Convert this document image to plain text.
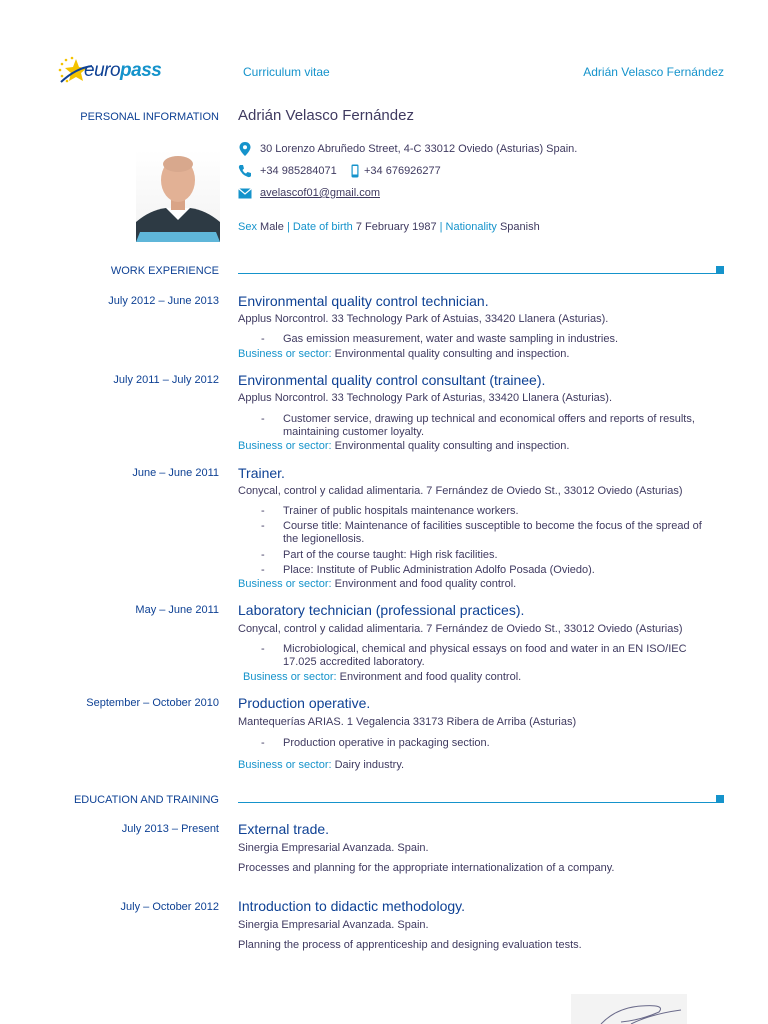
europass	Curriculum vitae	Adrián Velasco Fernández
PERSONAL INFORMATION Adrián Velasco Fernández
30 Lorenzo Abruñedo Street, 4-C 33012 Oviedo (Asturias) Spain.
+34 985284071 +34 676926277
avelascof01@gmail.com
Sex Male | Date of birth 7 February 1987 | Nationality Spanish
WORK EXPERIENCE
July 2012 – June 2013 Environmental quality control technician.
Applus Norcontrol. 33 Technology Park of Astuias, 33420 Llanera (Asturias).
- Gas emission measurement, water and waste sampling in industries.
Business or sector: Environmental quality consulting and inspection.
July 2011 – July 2012 Environmental quality control consultant (trainee).
Applus Norcontrol. 33 Technology Park of Asturias, 33420 Llanera (Asturias).
- Customer service, drawing up technical and economical offers and reports of results, maintaining customer loyalty.
Business or sector: Environmental quality consulting and inspection.
June – June 2011 Trainer.
Conycal, control y calidad alimentaria. 7 Fernández de Oviedo St., 33012 Oviedo (Asturias)
- Trainer of public hospitals maintenance workers.
- Course title: Maintenance of facilities susceptible to become the focus of the spread of the legionellosis.
- Part of the course taught: High risk facilities.
- Place: Institute of Public Administration Adolfo Posada (Oviedo).
Business or sector: Environment and food quality control.
May – June 2011 Laboratory technician (professional practices).
Conycal, control y calidad alimentaria. 7 Fernández de Oviedo St., 33012 Oviedo (Asturias)
- Microbiological, chemical and physical essays on food and water in an EN ISO/IEC 17.025 accredited laboratory.
Business or sector: Environment and food quality control.
September – October 2010 Production operative.
Mantequerías ARIAS. 1 Vegalencia 33173 Ribera de Arriba (Asturias)
- Production operative in packaging section.
Business or sector: Dairy industry.
EDUCATION AND TRAINING
July 2013 – Present External trade.
Sinergia Empresarial Avanzada. Spain.
Processes and planning for the appropriate internationalization of a company.
July – October 2012 Introduction to didactic methodology.
Sinergia Empresarial Avanzada. Spain.
Planning the process of apprenticeship and designing evaluation tests.
